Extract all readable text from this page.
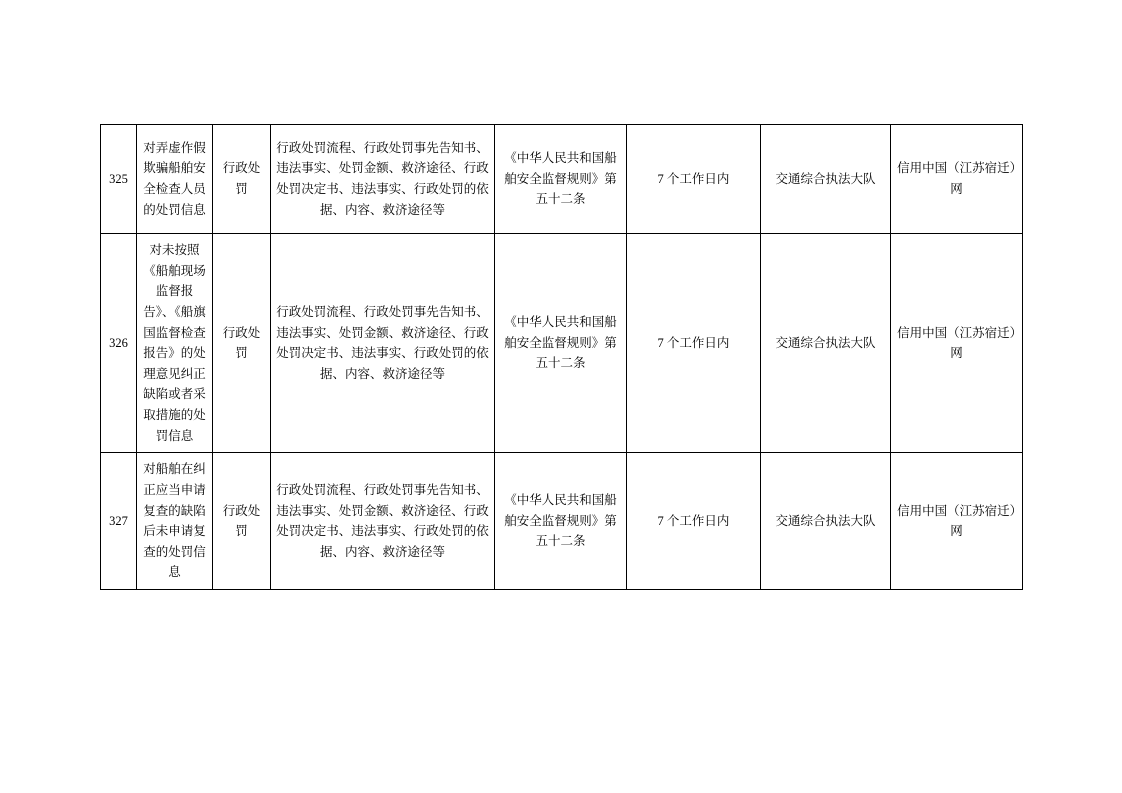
325	对弄虚作假欺骗船舶安全检查人员的处罚信息	行政处罚	行政处罚流程、行政处罚事先告知书、违法事实、处罚金额、救济途径、行政处罚决定书、违法事实、行政处罚的依据、内容、救济途径等	《中华人民共和国船舶安全监督规则》第五十二条	7 个工作日内	交通综合执法大队	信用中国（江苏宿迁）网
326	对未按照《船舶现场监督报告》、《船旗国监督检查报告》的处理意见纠正缺陷或者采取措施的处罚信息	行政处罚	行政处罚流程、行政处罚事先告知书、违法事实、处罚金额、救济途径、行政处罚决定书、违法事实、行政处罚的依据、内容、救济途径等	《中华人民共和国船舶安全监督规则》第五十二条	7 个工作日内	交通综合执法大队	信用中国（江苏宿迁）网
327	对船舶在纠正应当申请复查的缺陷后未申请复查的处罚信息	行政处罚	行政处罚流程、行政处罚事先告知书、违法事实、处罚金额、救济途径、行政处罚决定书、违法事实、行政处罚的依据、内容、救济途径等	《中华人民共和国船舶安全监督规则》第五十二条	7 个工作日内	交通综合执法大队	信用中国（江苏宿迁）网
